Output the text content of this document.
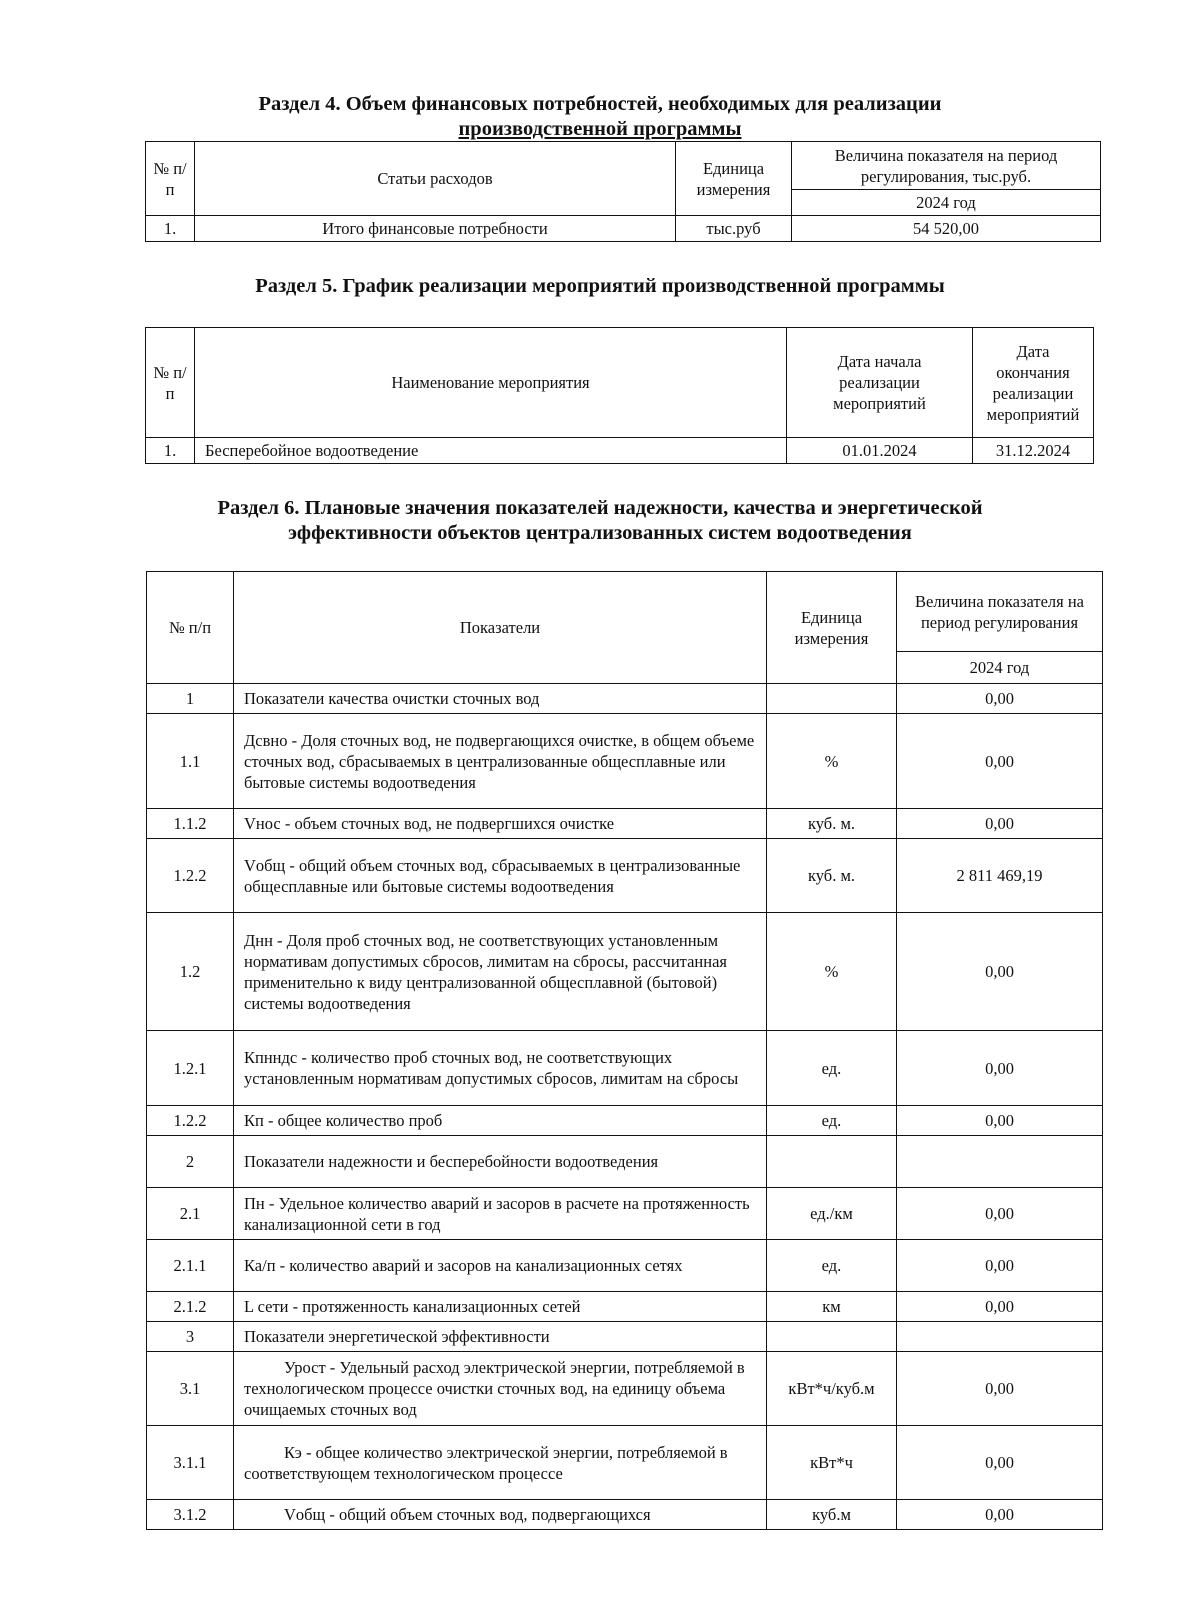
Раздел 4. Объем финансовых потребностей, необходимых для реализации
производственной программы
№ п/п	Статьи расходов	Единица измерения	Величина показателя на период регулирования, тыс.руб.
			2024 год
1.	Итого финансовые потребности	тыс.руб	54 520,00
Раздел 5. График реализации мероприятий производственной программы
№ п/п	Наименование мероприятия	Дата начала реализации мероприятий	Дата окончания реализации мероприятий
1.	Бесперебойное водоотведение	01.01.2024	31.12.2024
Раздел 6. Плановые значения показателей надежности, качества и энергетической
эффективности объектов централизованных систем водоотведения
№ п/п	Показатели	Единица измерения	Величина показателя на период регулирования
			2024 год
1	Показатели качества очистки сточных вод		0,00
1.1	Дсвно - Доля сточных вод, не подвергающихся очистке, в общем объеме сточных вод, сбрасываемых в централизованные общесплавные или бытовые системы водоотведения	%	0,00
1.1.2	Vнос - объем сточных вод, не подвергшихся очистке	куб. м.	0,00
1.2.2	Vобщ - общий объем сточных вод, сбрасываемых в централизованные общесплавные или бытовые системы водоотведения	куб. м.	2 811 469,19
1.2	Днн - Доля проб сточных вод, не соответствующих установленным нормативам допустимых сбросов, лимитам на сбросы, рассчитанная применительно к виду централизованной общесплавной (бытовой) системы водоотведения	%	0,00
1.2.1	Кпнндс - количество проб сточных вод, не соответствующих установленным нормативам допустимых сбросов, лимитам на сбросы	ед.	0,00
1.2.2	Кп - общее количество проб	ед.	0,00
2	Показатели надежности и бесперебойности водоотведения		
2.1	Пн - Удельное количество аварий и засоров в расчете на протяженность канализационной сети в год	ед./км	0,00
2.1.1	Ка/п - количество аварий и засоров на канализационных сетях	ед.	0,00
2.1.2	L сети - протяженность канализационных сетей	км	0,00
3	Показатели энергетической эффективности		
3.1	Урост - Удельный расход электрической энергии, потребляемой в технологическом процессе очистки сточных вод, на единицу объема очищаемых сточных вод	кВт*ч/куб.м	0,00
3.1.1	Кэ - общее количество электрической энергии, потребляемой в соответствующем технологическом процессе	кВт*ч	0,00
3.1.2	Vобщ - общий объем сточных вод, подвергающихся	куб.м	0,00
